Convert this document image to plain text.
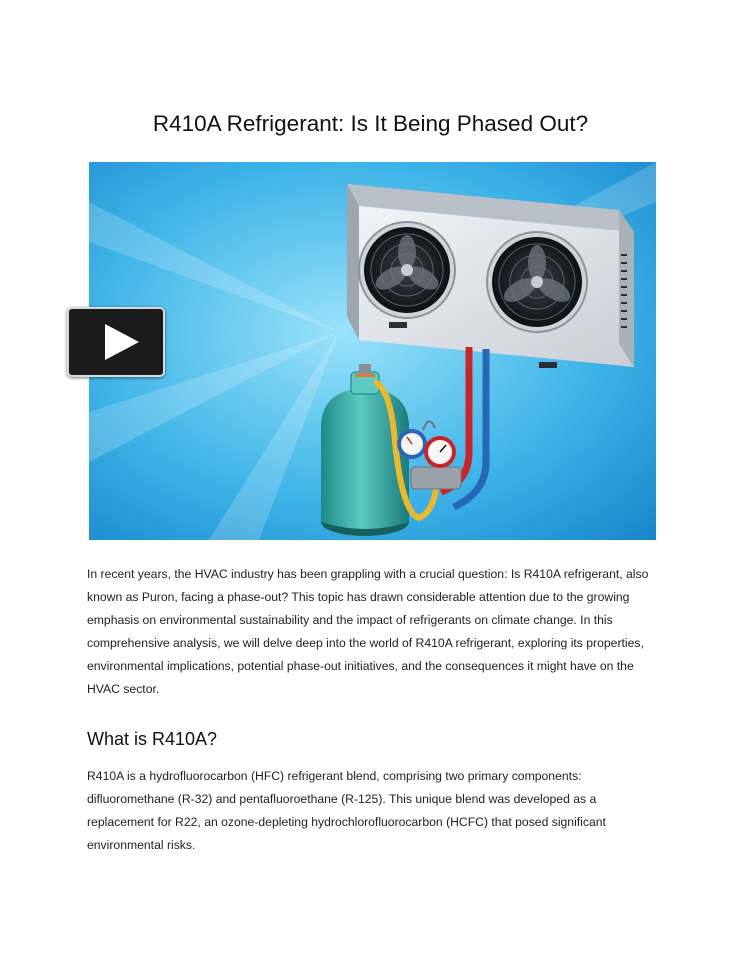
R410A Refrigerant: Is It Being Phased Out?

In recent years, the HVAC industry has been grappling with a crucial question: Is R410A refrigerant, also known as Puron, facing a phase-out? This topic has drawn considerable attention due to the growing emphasis on environmental sustainability and the impact of refrigerants on climate change. In this comprehensive analysis, we will delve deep into the world of R410A refrigerant, exploring its properties, environmental implications, potential phase-out initiatives, and the consequences it might have on the HVAC sector.

What is R410A?

R410A is a hydrofluorocarbon (HFC) refrigerant blend, comprising two primary components: difluoromethane (R-32) and pentafluoroethane (R-125). This unique blend was developed as a replacement for R22, an ozone-depleting hydrochlorofluorocarbon (HCFC) that posed significant environmental risks.
